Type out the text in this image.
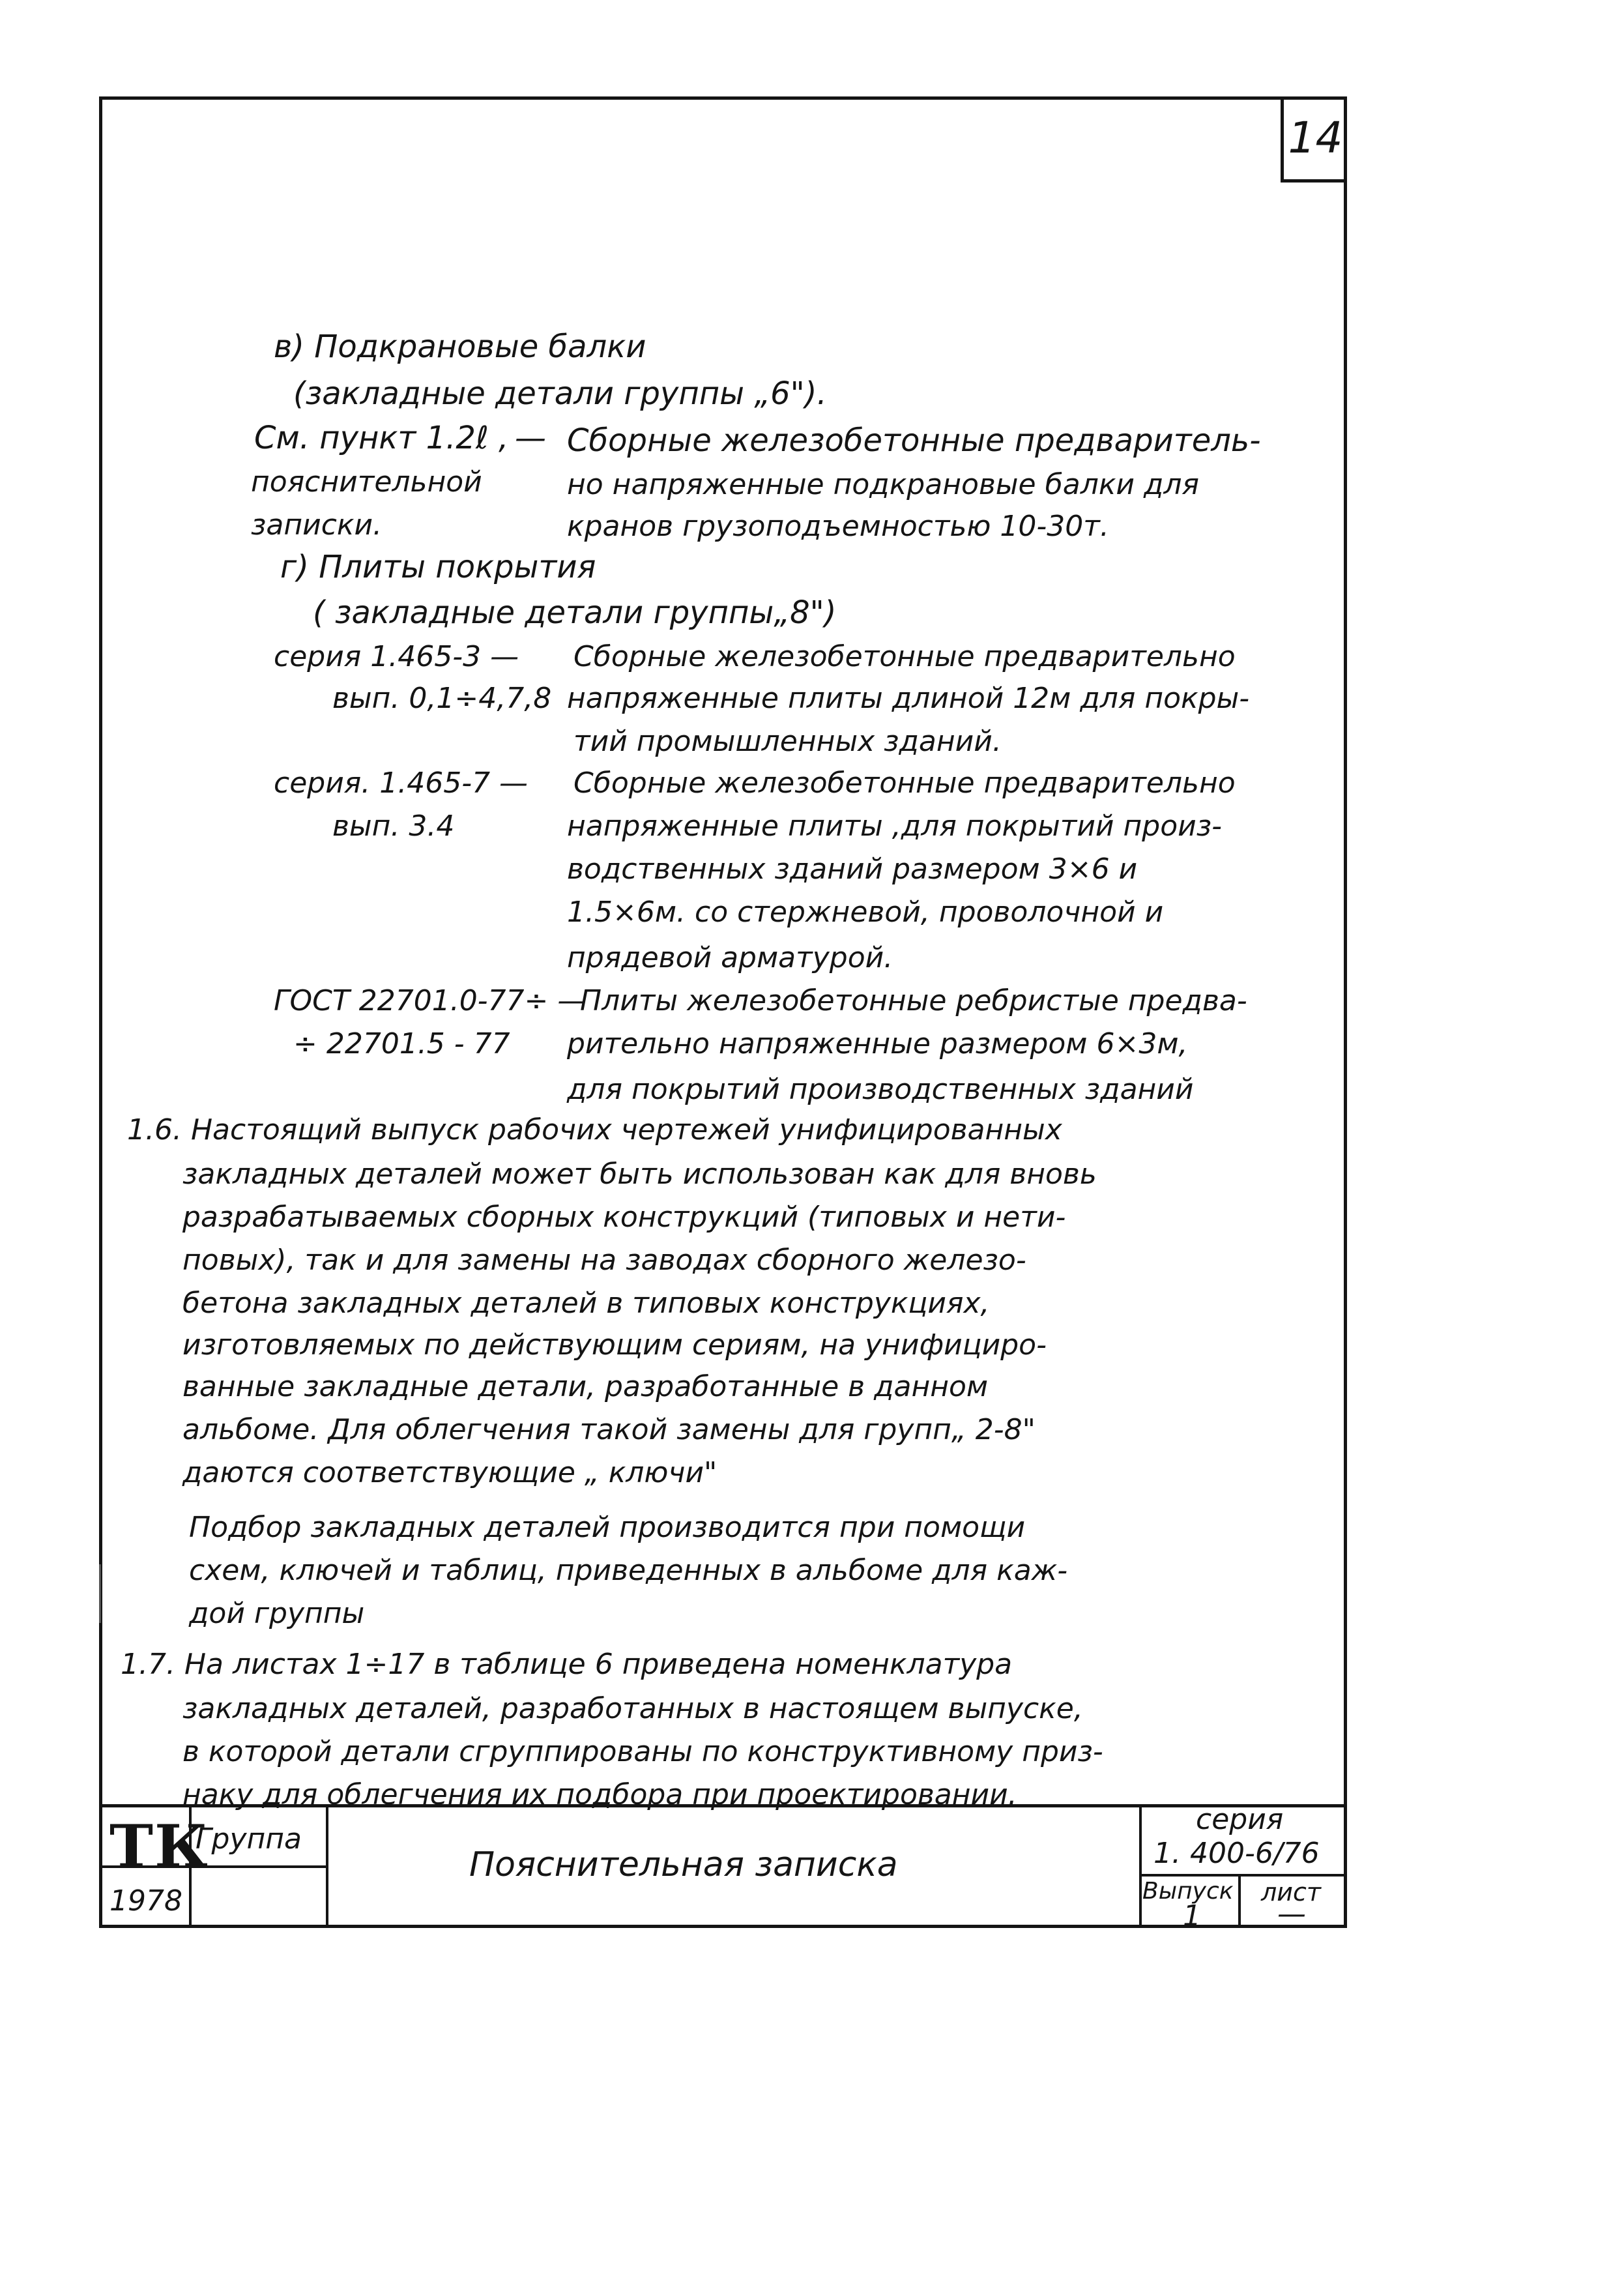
14
в) Подкрановые балки
(закладные детали группы „6").
См. пункт 1.2ℓ , —
пояснительной
записки.
Сборные железобетонные предваритель-
но напряженные подкрановые балки для
кранов грузоподъемностью 10-30т.
г) Плиты покрытия
( закладные детали группы„8")
серия 1.465-3 —
вып. 0,1÷4,7,8
Сборные железобетонные предварительно
напряженные плиты длиной 12м для покры-
тий промышленных зданий.
серия. 1.465-7 —
вып. 3.4
Сборные железобетонные предварительно
напряженные плиты ,для покрытий произ-
водственных зданий размером 3×6 и
1.5×6м. со стержневой, проволочной и
прядевой арматурой.
ГОСТ 22701.0-77÷ —
÷ 22701.5 - 77
Плиты железобетонные ребристые предва-
рительно напряженные размером 6×3м,
для покрытий производственных зданий
1.6. Настоящий выпуск рабочих чертежей унифицированных
закладных деталей может быть использован как для вновь
разрабатываемых сборных конструкций (типовых и нети-
повых), так и для замены на заводах сборного железо-
бетона закладных деталей в типовых конструкциях,
изготовляемых по действующим сериям, на унифициро-
ванные закладные детали, разработанные в данном
альбоме. Для облегчения такой замены для групп„ 2-8"
даются соответствующие „ ключи"
Подбор закладных деталей производится при помощи
схем, ключей и таблиц, приведенных в альбоме для каж-
дой группы
1.7. На листах 1÷17 в таблице 6 приведена номенклатура
закладных деталей, разработанных в настоящем выпуске,
в которой детали сгруппированы по конструктивному приз-
наку для облегчения их подбора при проектировании.
ТК
Группа
1978
Пояснительная записка
серия
1. 400-6/76
Выпуск
1
лист
—
